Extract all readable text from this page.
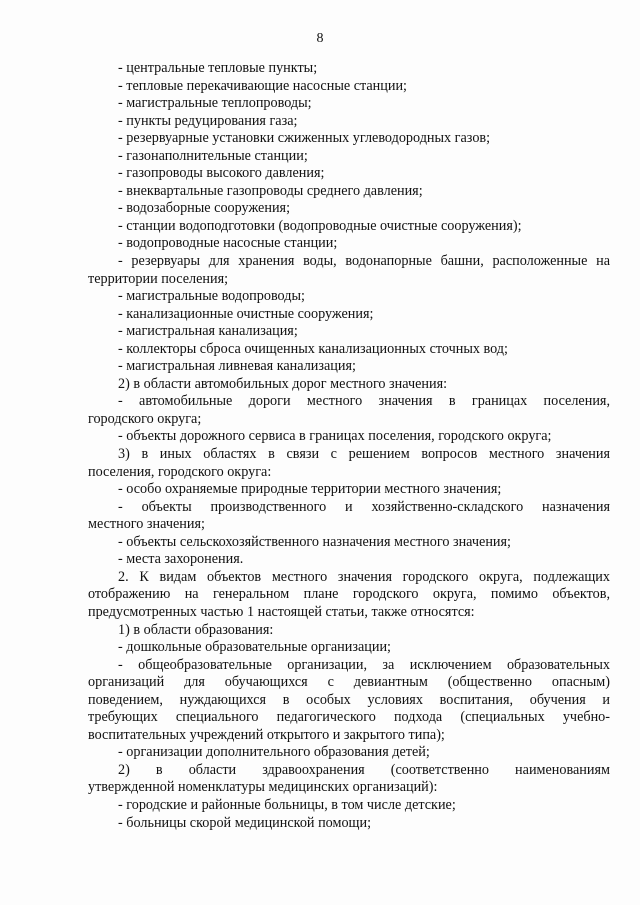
8
- центральные тепловые пункты;
- тепловые перекачивающие насосные станции;
- магистральные теплопроводы;
- пункты редуцирования газа;
- резервуарные установки сжиженных углеводородных газов;
- газонаполнительные станции;
- газопроводы высокого давления;
- внеквартальные газопроводы среднего давления;
- водозаборные сооружения;
- станции водоподготовки (водопроводные очистные сооружения);
- водопроводные насосные станции;
- резервуары для хранения воды, водонапорные башни, расположенные на
территории поселения;
- магистральные водопроводы;
- канализационные очистные сооружения;
- магистральная канализация;
- коллекторы сброса очищенных канализационных сточных вод;
- магистральная ливневая канализация;
2) в области автомобильных дорог местного значения:
- автомобильные дороги местного значения в границах поселения,
городского округа;
- объекты дорожного сервиса в границах поселения, городского округа;
3) в иных областях в связи с решением вопросов местного значения
поселения, городского округа:
- особо охраняемые природные территории местного значения;
- объекты производственного и хозяйственно-складского назначения
местного значения;
- объекты сельскохозяйственного назначения местного значения;
- места захоронения.
2. К видам объектов местного значения городского округа, подлежащих
отображению на генеральном плане городского округа, помимо объектов,
предусмотренных частью 1 настоящей статьи, также относятся:
1) в области образования:
- дошкольные образовательные организации;
- общеобразовательные организации, за исключением образовательных
организаций для обучающихся с девиантным (общественно опасным)
поведением, нуждающихся в особых условиях воспитания, обучения и
требующих специального педагогического подхода (специальных учебно-
воспитательных учреждений открытого и закрытого типа);
- организации дополнительного образования детей;
2) в области здравоохранения (соответственно наименованиям
утвержденной номенклатуры медицинских организаций):
- городские и районные больницы, в том числе детские;
- больницы скорой медицинской помощи;
